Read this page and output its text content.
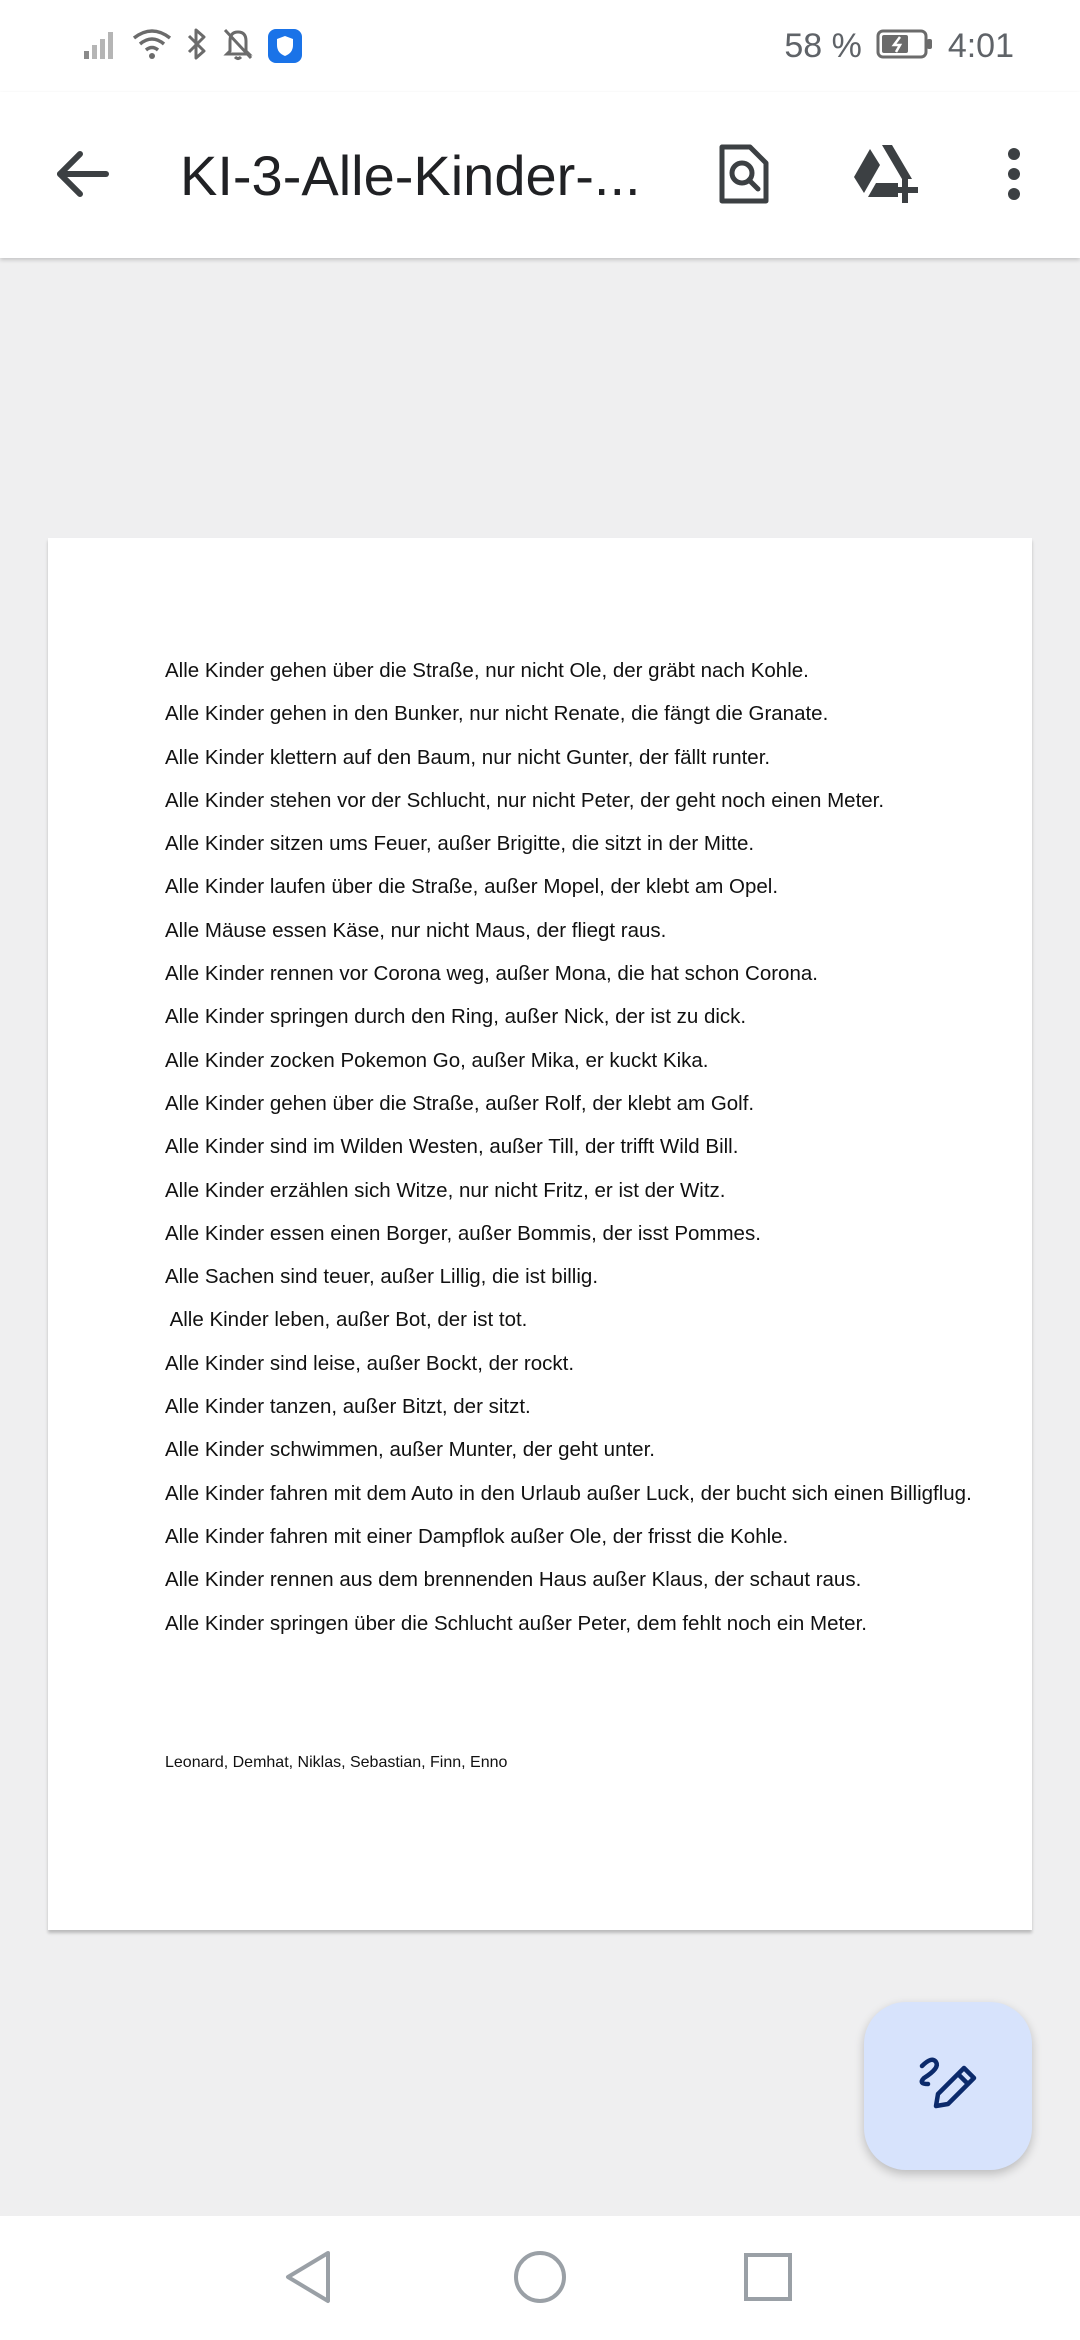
58 %	4:01
KI-3-Alle-Kinder-...

Alle Kinder gehen über die Straße, nur nicht Ole, der gräbt nach Kohle.

Alle Kinder gehen in den Bunker, nur nicht Renate, die fängt die Granate.

Alle Kinder klettern auf den Baum, nur nicht Gunter, der fällt runter.

Alle Kinder stehen vor der Schlucht, nur nicht Peter, der geht noch einen Meter.

Alle Kinder sitzen ums Feuer, außer Brigitte, die sitzt in der Mitte.

Alle Kinder laufen über die Straße, außer Mopel, der klebt am Opel.

Alle Mäuse essen Käse, nur nicht Maus, der fliegt raus.

Alle Kinder rennen vor Corona weg, außer Mona, die hat schon Corona.

Alle Kinder springen durch den Ring, außer Nick, der ist zu dick.

Alle Kinder zocken Pokemon Go, außer Mika, er kuckt Kika.

Alle Kinder gehen über die Straße, außer Rolf, der klebt am Golf.

Alle Kinder sind im Wilden Westen, außer Till, der trifft Wild Bill.

Alle Kinder erzählen sich Witze, nur nicht Fritz, er ist der Witz.

Alle Kinder essen einen Borger, außer Bommis, der isst Pommes.

Alle Sachen sind teuer, außer Lillig, die ist billig.

Alle Kinder leben, außer Bot, der ist tot.

Alle Kinder sind leise, außer Bockt, der rockt.

Alle Kinder tanzen, außer Bitzt, der sitzt.

Alle Kinder schwimmen, außer Munter, der geht unter.

Alle Kinder fahren mit dem Auto in den Urlaub außer Luck, der bucht sich einen Billigflug.

Alle Kinder fahren mit einer Dampflok außer Ole, der frisst die Kohle.

Alle Kinder rennen aus dem brennenden Haus außer Klaus, der schaut raus.

Alle Kinder springen über die Schlucht außer Peter, dem fehlt noch ein Meter.

Leonard, Demhat, Niklas, Sebastian, Finn, Enno
